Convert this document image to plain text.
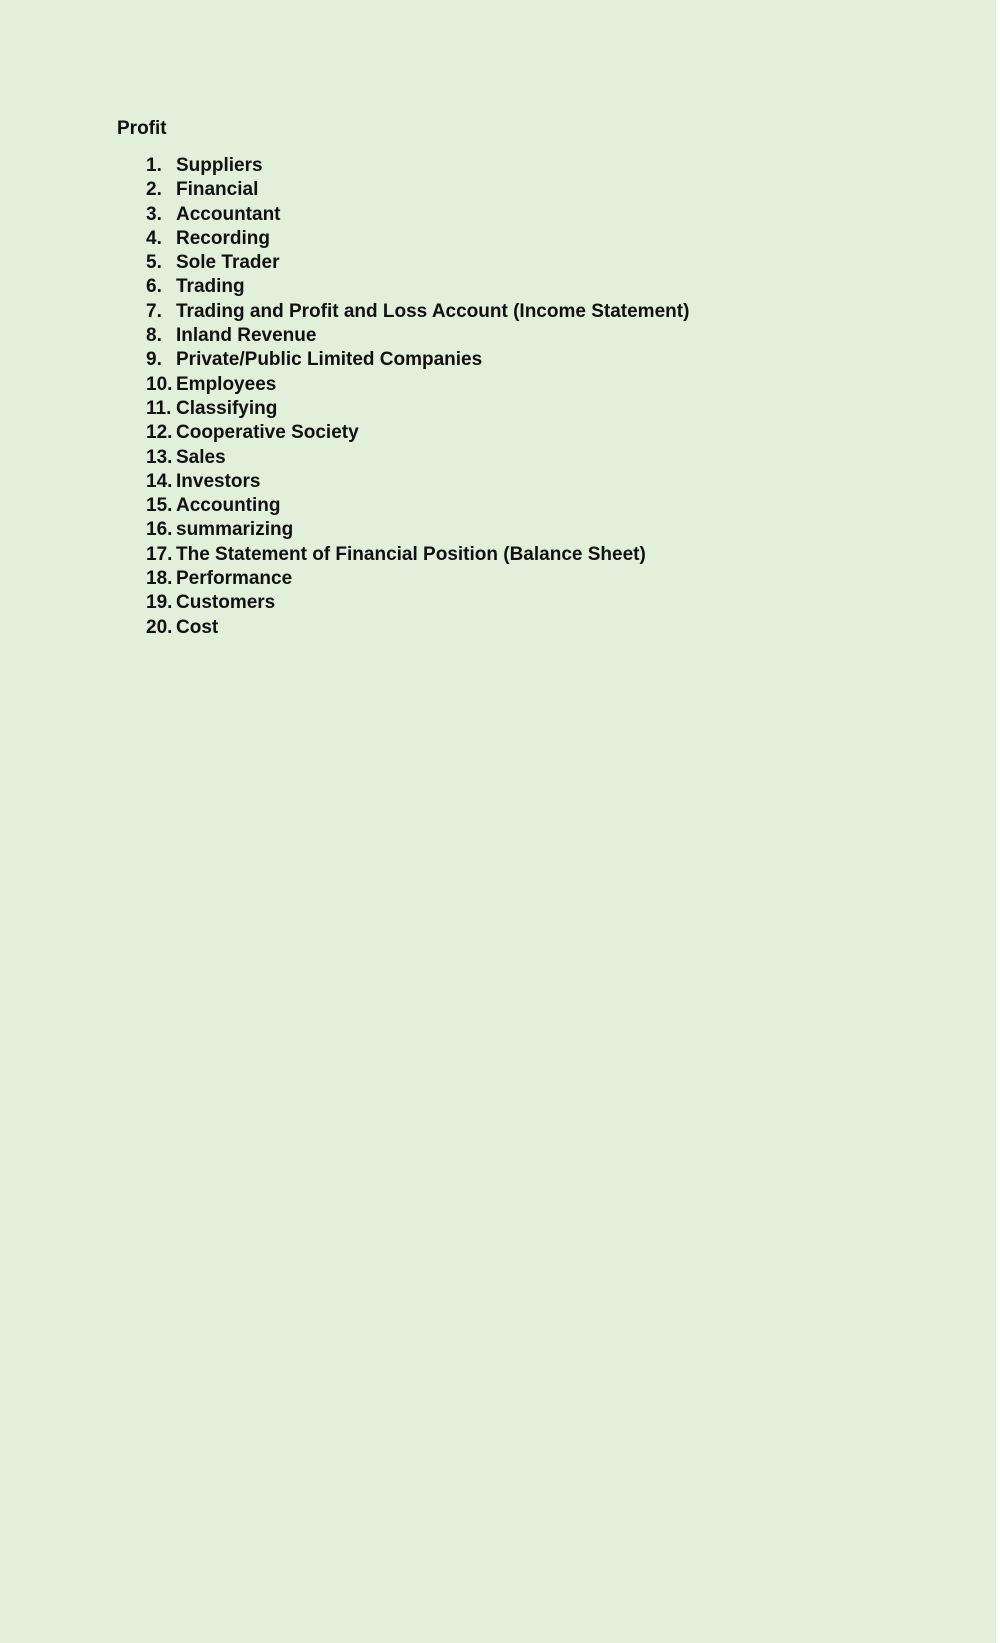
Profit
1. Suppliers
2. Financial
3. Accountant
4. Recording
5. Sole Trader
6. Trading
7. Trading and Profit and Loss Account (Income Statement)
8. Inland Revenue
9. Private/Public Limited Companies
10. Employees
11. Classifying
12. Cooperative Society
13. Sales
14. Investors
15. Accounting
16. summarizing
17. The Statement of Financial Position (Balance Sheet)
18. Performance
19. Customers
20. Cost
